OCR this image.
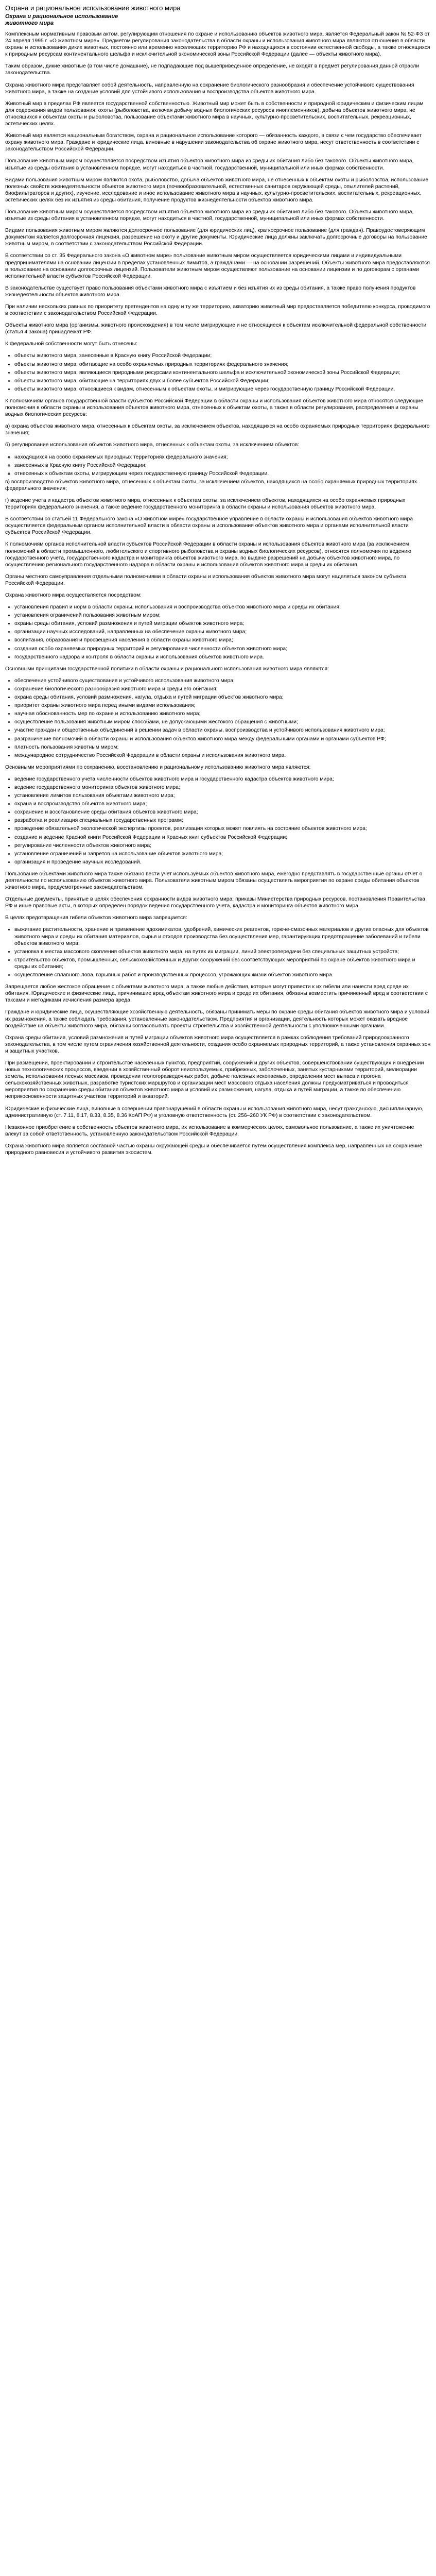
Охрана и рациональное использование животного мира
Охрана и рациональное использование
животного мира

Комплексным нормативным правовым актом, регулирующим отношения по охране и использованию объектов животного мира, является Федеральный закон № 52-ФЗ от 24 апреля 1995 г. «О животном мире». Предметом регулирования законодательства в области охраны и использования животного мира являются отношения в области охраны и использования диких животных, постоянно или временно населяющих территорию РФ и находящихся в состоянии естественной свободы, а также относящихся к природным ресурсам континентального шельфа и исключительной экономической зоны Российской Федерации (далее — объекты животного мира).

Таким образом, дикие животные (в том числе домашние), не подпадающие под вышеприведенное определение, не входят в предмет регулирования данной отрасли законодательства.

Охрана животного мира представляет собой деятельность, направленную на сохранение биологического разнообразия и обеспечение устойчивого существования животного мира, а также на создание условий для устойчивого использования и воспроизводства объектов животного мира.

Животный мир в пределах РФ является государственной собственностью. Животный мир может быть в собственности и природной юридическим и физическим лицам для содержания видов пользования: охоты (рыболовства, включая добычу водных биологических ресурсов иноплеменников), добыча объектов животного мира, не относящихся к объектам охоты и рыболовства, пользование объектами животного мира в научных, культурно-просветительских, воспитательных, рекреационных, эстетических целях.

Животный мир является национальным богатством, охрана и рациональное использование которого — обязанность каждого, в связи с чем государство обеспечивает охрану животного мира. Граждане и юридические лица, виновные в нарушении законодательства об охране животного мира, несут ответственность в соответствии с законодательством Российской Федерации.

Пользование животным миром осуществляется посредством изъятия объектов животного мира из среды их обитания либо без такового. Объекты животного мира, изъятые из среды обитания в установленном порядке, могут находиться в частной, государственной, муниципальной или иных формах собственности.

Видами пользования животным миром являются охота, рыболовство, добыча объектов животного мира, не отнесенных к объектам охоты и рыболовства, использование полезных свойств жизнедеятельности объектов животного мира (почвообразовательной, естественных санитаров окружающей среды, опылителей растений, биофильтраторов и других), изучение, исследование и иное использование животного мира в научных, культурно-просветительских, воспитательных, рекреационных, эстетических целях без их изъятия из среды обитания, получение продуктов жизнедеятельности объектов животного мира.

Пользование животным миром осуществляется посредством изъятия объектов животного мира из среды их обитания либо без такового. Объекты животного мира, изъятые из среды обитания в установленном порядке, могут находиться в частной, государственной, муниципальной или иных формах собственности.

Видами пользования животным миром являются долгосрочное пользование (для юридических лиц), краткосрочное пользование (для граждан). Правоудостоверяющим документом является долгосрочная лицензия, разрешение на охоту и другие документы. Юридические лица должны заключать долгосрочные договоры на пользование животным миром, в соответствии с законодательством Российской Федерации.

В соответствии со ст. 35 Федерального закона «О животном мире» пользование животным миром осуществляется юридическими лицами и индивидуальными предпринимателями на основании лицензии в пределах установленных лимитов, а гражданами — на основании разрешений. Объекты животного мира предоставляются в пользование на основании долгосрочных лицензий. Пользователи животным миром осуществляют пользование на основании лицензии и по договорам с органами исполнительной власти субъектов Российской Федерации.

В законодательстве существует право пользования объектами животного мира с изъятием и без изъятия их из среды обитания, а также право получения продуктов жизнедеятельности объектов животного мира.

При наличии нескольких равных по приоритету претендентов на одну и ту же территорию, акваторию животный мир предоставляется победителю конкурса, проводимого в соответствии с законодательством Российской Федерации.

Объекты животного мира (организмы, животного происхождения) в том числе мигрирующие и не относящиеся к объектам исключительной федеральной собственности (статья 4 закона) принадлежат РФ.

К федеральной собственности могут быть отнесены:

• объекты животного мира, занесенные в Красную книгу Российской Федерации;
• объекты животного мира, обитающие на особо охраняемых природных территориях федерального значения;
• объекты животного мира, являющиеся природными ресурсами континентального шельфа и исключительной экономической зоны Российской Федерации;
• объекты животного мира, обитающие на территориях двух и более субъектов Российской Федерации;
• объекты животного мира, относящиеся к видам, отнесенным к объектам охоты, и мигрирующие через государственную границу Российской Федерации.

К полномочиям органов государственной власти субъектов Российской Федерации в области охраны и использования объектов животного мира относятся следующие полномочия в области охраны и использования объектов животного мира, отнесенных к объектам охоты, а также в области регулирования, распределения и охраны водных биологических ресурсов:

а) охрана объектов животного мира, отнесенных к объектам охоты, за исключением объектов, находящихся на особо охраняемых природных территориях федерального значения;

б) регулирование использования объектов животного мира, отнесенных к объектам охоты, за исключением объектов:

◦ находящихся на особо охраняемых природных территориях федерального значения;
◦ занесенных в Красную книгу Российской Федерации;
◦ отнесенных к объектам охоты, мигрирующим через государственную границу Российской Федерации.

в) воспроизводство объектов животного мира, отнесенных к объектам охоты, за исключением объектов, находящихся на особо охраняемых природных территориях федерального значения;

г) ведение учета и кадастра объектов животного мира, отнесенных к объектам охоты, за исключением объектов, находящихся на особо охраняемых природных территориях федерального значения, а также ведение государственного мониторинга в области охраны и использования объектов животного мира.

В соответствии со статьей 11 Федерального закона «О животном мире» государственное управление в области охраны и использования объектов животного мира осуществляется федеральным органом исполнительной власти в области охраны и использования объектов животного мира и органами исполнительной власти субъектов Российской Федерации.

К полномочиям органов исполнительной власти субъектов Российской Федерации в области охраны и использования объектов животного мира (за исключением полномочий в области промышленного, любительского и спортивного рыболовства и охраны водных биологических ресурсов), относятся полномочия по ведению государственного учета, государственного кадастра и мониторинга объектов животного мира, по выдаче разрешений на добычу объектов животного мира, по осуществлению регионального государственного надзора в области охраны и использования объектов животного мира и среды их обитания.

Органы местного самоуправления отдельными полномочиями в области охраны и использования объектов животного мира могут наделяться законом субъекта Российской Федерации.

Охрана животного мира осуществляется посредством:

• установления правил и норм в области охраны, использования и воспроизводства объектов животного мира и среды их обитания;
• установления ограничений пользования животным миром;
• охраны среды обитания, условий размножения и путей миграции объектов животного мира;
• организации научных исследований, направленных на обеспечение охраны животного мира;
• воспитания, образования и просвещения населения в области охраны животного мира;
• создания особо охраняемых природных территорий и регулирования численности объектов животного мира;
• государственного надзора и контроля в области охраны и использования объектов животного мира.

Основными принципами государственной политики в области охраны и рационального использования животного мира являются:

• обеспечение устойчивого существования и устойчивого использования животного мира;
• сохранение биологического разнообразия животного мира и среды его обитания;
• охрана среды обитания, условий размножения, нагула, отдыха и путей миграции объектов животного мира;
• приоритет охраны животного мира перед иными видами использования;
• научная обоснованность мер по охране и использованию животного мира;
• осуществление пользования животным миром способами, не допускающими жестокого обращения с животными;
• участие граждан и общественных объединений в решении задач в области охраны, воспроизводства и устойчивого использования животного мира;
• разграничение полномочий в области охраны и использования объектов животного мира между федеральными органами и органами субъектов РФ;
• платность пользования животным миром;
• международное сотрудничество Российской Федерации в области охраны и использования животного мира.

Основными мероприятиями по сохранению, восстановлению и рациональному использованию животного мира являются:

• ведение государственного учета численности объектов животного мира и государственного кадастра объектов животного мира;
• ведение государственного мониторинга объектов животного мира;
• установление лимитов пользования объектами животного мира;
• охрана и воспроизводство объектов животного мира;
• сохранение и восстановление среды обитания объектов животного мира;
• разработка и реализация специальных государственных программ;
• проведение обязательной экологической экспертизы проектов, реализация которых может повлиять на состояние объектов животного мира;
• создание и ведение Красной книги Российской Федерации и Красных книг субъектов Российской Федерации;
• регулирование численности объектов животного мира;
• установление ограничений и запретов на использование объектов животного мира;
• организация и проведение научных исследований.

Пользование объектами животного мира также обязано вести учет используемых объектов животного мира, ежегодно представлять в государственные органы отчет о деятельности по использованию объектов животного мира. Пользователи животным миром обязаны осуществлять мероприятия по охране среды обитания объектов животного мира, предусмотренные законодательством.

Отдельные документы, принятые в целях обеспечения сохранности видов животного мира: приказы Министерства природных ресурсов, постановления Правительства РФ и иные правовые акты, в которых определен порядок ведения государственного учета, кадастра и мониторинга объектов животного мира.

В целях предотвращения гибели объектов животного мира запрещается:

• выжигание растительности, хранение и применение ядохимикатов, удобрений, химических реагентов, горюче-смазочных материалов и других опасных для объектов животного мира и среды их обитания материалов, сырья и отходов производства без осуществления мер, гарантирующих предотвращение заболеваний и гибели объектов животного мира;
• установка в местах массового скопления объектов животного мира, на путях их миграции, линий электропередачи без специальных защитных устройств;
• строительство объектов, промышленных, сельскохозяйственных и других сооружений без соответствующих мероприятий по охране объектов животного мира и среды их обитания;
• осуществление сплавного лова, взрывных работ и производственных процессов, угрожающих жизни объектов животного мира.

Запрещается любое жестокое обращение с объектами животного мира, а также любые действия, которые могут привести к их гибели или нанести вред среде их обитания. Юридические и физические лица, причинившие вред объектам животного мира и среде их обитания, обязаны возместить причиненный вред в соответствии с таксами и методиками исчисления размера вреда.

Граждане и юридические лица, осуществляющие хозяйственную деятельность, обязаны принимать меры по охране среды обитания объектов животного мира и условий их размножения, а также соблюдать требования, установленные законодательством. Предприятия и организации, деятельность которых может оказать вредное воздействие на объекты животного мира, обязаны согласовывать проекты строительства и хозяйственной деятельности с уполномоченными органами.

Охрана среды обитания, условий размножения и путей миграции объектов животного мира осуществляется в рамках соблюдения требований природоохранного законодательства, в том числе путем ограничения хозяйственной деятельности, создания особо охраняемых природных территорий, а также установления охранных зон и защитных участков.

При размещении, проектировании и строительстве населенных пунктов, предприятий, сооружений и других объектов, совершенствовании существующих и внедрении новых технологических процессов, введении в хозяйственный оборот неиспользуемых, прибрежных, заболоченных, занятых кустарниками территорий, мелиорации земель, использовании лесных массивов, проведении геологоразведочных работ, добыче полезных ископаемых, определении мест выпаса и прогона сельскохозяйственных животных, разработке туристских маршрутов и организации мест массового отдыха населения должны предусматриваться и проводиться мероприятия по сохранению среды обитания объектов животного мира и условий их размножения, нагула, отдыха и путей миграции, а также по обеспечению неприкосновенности защитных участков территорий и акваторий.

Юридические и физические лица, виновные в совершении правонарушений в области охраны и использования животного мира, несут гражданскую, дисциплинарную, административную (ст. 7.11, 8.17, 8.33, 8.35, 8.36 КоАП РФ) и уголовную ответственность (ст. 256–260 УК РФ) в соответствии с законодательством.

Незаконное приобретение в собственность объектов животного мира, их использование в коммерческих целях, самовольное пользование, а также их уничтожение влекут за собой ответственность, установленную законодательством Российской Федерации.

Охрана животного мира является составной частью охраны окружающей среды и обеспечивается путем осуществления комплекса мер, направленных на сохранение природного равновесия и устойчивого развития экосистем.
